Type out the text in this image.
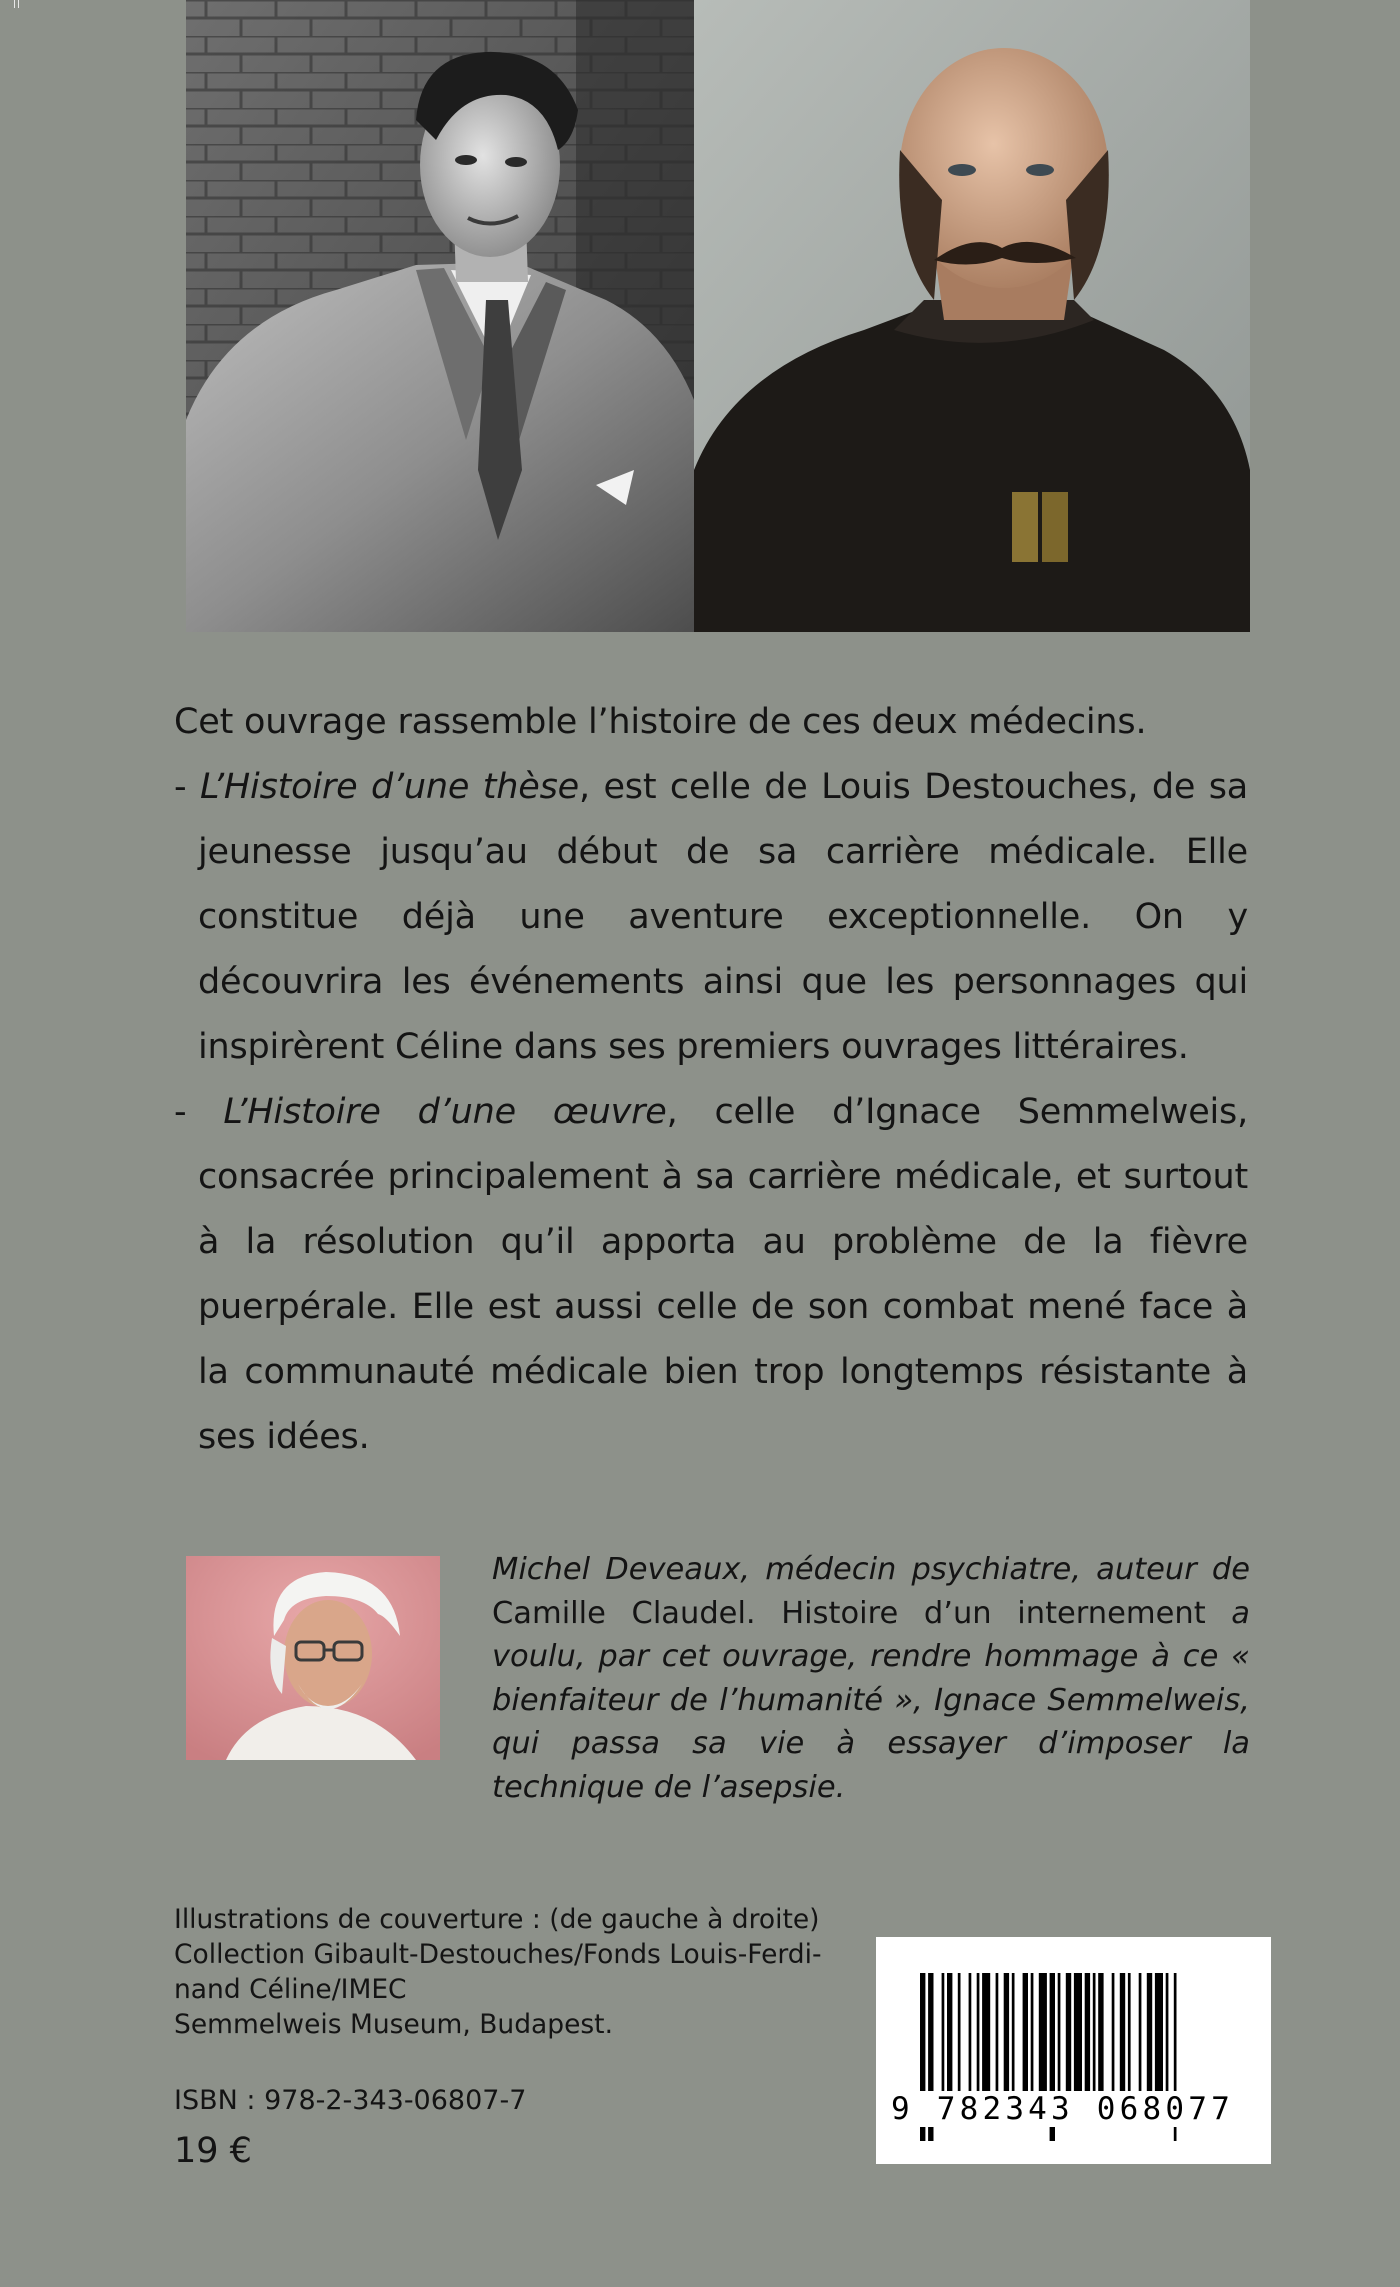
Cet ouvrage rassemble l’histoire de ces deux médecins.

- L’Histoire d’une thèse, est celle de Louis Destouches, de sa jeunesse jusqu’au début de sa carrière médicale. Elle constitue déjà une aventure exceptionnelle. On y découvrira les événements ainsi que les personnages qui inspirèrent Céline dans ses premiers ouvrages littéraires.

- L’Histoire d’une œuvre, celle d’Ignace Semmelweis, consacrée principalement à sa carrière médicale, et surtout à la résolution qu’il apporta au problème de la fièvre puerpérale. Elle est aussi celle de son combat mené face à la communauté médicale bien trop longtemps résistante à ses idées.

Michel Deveaux, médecin psychiatre, auteur de Camille Claudel. Histoire d’un internement a voulu, par cet ouvrage, rendre hommage à ce « bienfaiteur de l’humanité », Ignace Semmelweis, qui passa sa vie à essayer d’imposer la technique de l’asepsie.

Illustrations de couverture : (de gauche à droite)
Collection Gibault-Destouches/Fonds Louis-Ferdi-
nand Céline/IMEC
Semmelweis Museum, Budapest.
ISBN : 978-2-343-06807-7
19 €
9 782343 068077
